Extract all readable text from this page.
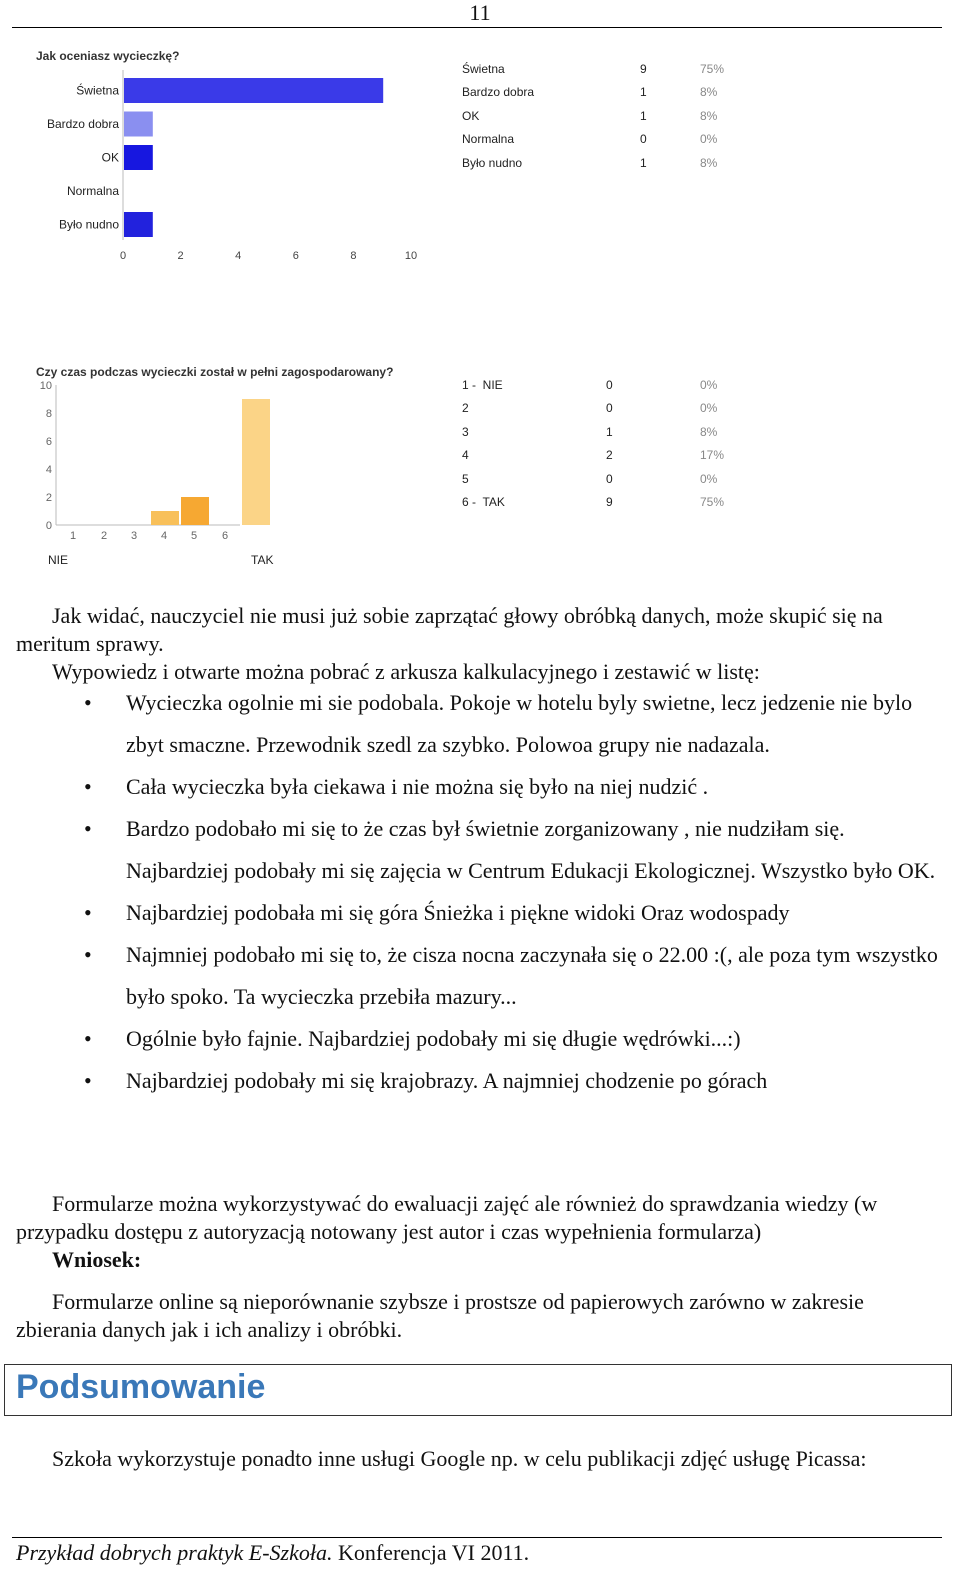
11
Jak oceniasz wycieczkę?
Świetna
Bardzo dobra
OK
Normalna
Było nudno
0	2	4	6	8	10
Świetna	9	75%
Bardzo dobra	1	8%
OK	1	8%
Normalna	0	0%
Było nudno	1	8%
Czy czas podczas wycieczki został w pełni zagospodarowany?
0
2
4
6
8
10
1 2 3 4 5 6
NIE	TAK
1 -  NIE	0	0%
2	0	0%
3	1	8%
4	2	17%
5	0	0%
6 -  TAK	9	75%
Jak widać, nauczyciel nie musi już sobie zaprzątać głowy obróbką danych, może skupić się na meritum sprawy.
Wypowiedz i otwarte można pobrać z arkusza kalkulacyjnego i zestawić w listę:
• Wycieczka ogolnie mi sie podobala. Pokoje w hotelu byly swietne, lecz jedzenie nie bylo zbyt smaczne. Przewodnik szedl za szybko. Polowoa grupy nie nadazala.
• Cała wycieczka była ciekawa i nie można się było na niej nudzić .
• Bardzo podobało mi się to że czas był świetnie zorganizowany , nie nudziłam się. Najbardziej podobały mi się zajęcia w Centrum Edukacji Ekologicznej. Wszystko było OK.
• Najbardziej podobała mi się góra Śnieżka i piękne widoki Oraz wodospady
• Najmniej podobało mi się to, że cisza nocna zaczynała się o 22.00 :(, ale poza tym wszystko było spoko. Ta wycieczka przebiła mazury...
• Ogólnie było fajnie. Najbardziej podobały mi się długie wędrówki...:)
• Najbardziej podobały mi się krajobrazy. A najmniej chodzenie po górach
Formularze można wykorzystywać do ewaluacji zajęć ale również do sprawdzania wiedzy (w przypadku dostępu z autoryzacją notowany jest autor i czas wypełnienia formularza)
Wniosek:
Formularze online są nieporównanie szybsze i prostsze od papierowych zarówno w zakresie zbierania danych jak i ich analizy i obróbki.
Podsumowanie
Szkoła wykorzystuje ponadto inne usługi Google np. w celu publikacji zdjęć usługę Picassa:
Przykład dobrych praktyk E-Szkoła. Konferencja VI 2011.
